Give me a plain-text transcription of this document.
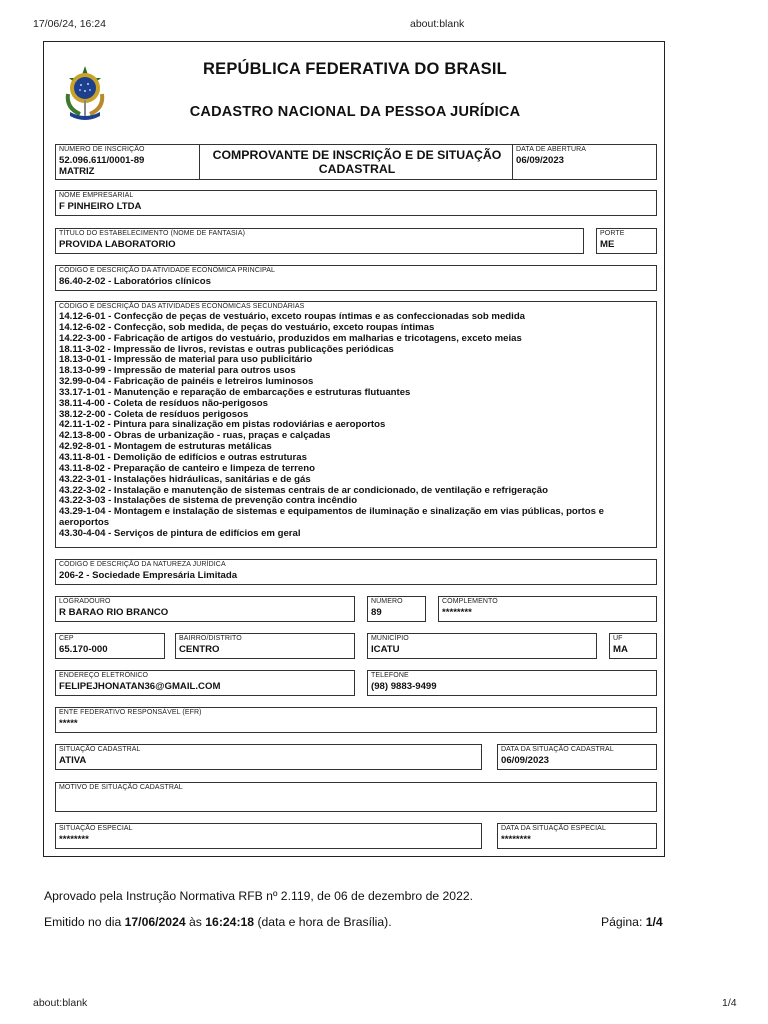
17/06/24, 16:24	about:blank
REPÚBLICA FEDERATIVA DO BRASIL
CADASTRO NACIONAL DA PESSOA JURÍDICA
NÚMERO DE INSCRIÇÃO
52.096.611/0001-89
MATRIZ
COMPROVANTE DE INSCRIÇÃO E DE SITUAÇÃO
CADASTRAL
DATA DE ABERTURA
06/09/2023
NOME EMPRESARIAL
F PINHEIRO LTDA
TÍTULO DO ESTABELECIMENTO (NOME DE FANTASIA)
PROVIDA LABORATORIO
PORTE
ME
CÓDIGO E DESCRIÇÃO DA ATIVIDADE ECONÔMICA PRINCIPAL
86.40-2-02 - Laboratórios clínicos
CÓDIGO E DESCRIÇÃO DAS ATIVIDADES ECONÔMICAS SECUNDÁRIAS
14.12-6-01 - Confecção de peças de vestuário, exceto roupas íntimas e as confeccionadas sob medida
14.12-6-02 - Confecção, sob medida, de peças do vestuário, exceto roupas íntimas
14.22-3-00 - Fabricação de artigos do vestuário, produzidos em malharias e tricotagens, exceto meias
18.11-3-02 - Impressão de livros, revistas e outras publicações periódicas
18.13-0-01 - Impressão de material para uso publicitário
18.13-0-99 - Impressão de material para outros usos
32.99-0-04 - Fabricação de painéis e letreiros luminosos
33.17-1-01 - Manutenção e reparação de embarcações e estruturas flutuantes
38.11-4-00 - Coleta de resíduos não-perigosos
38.12-2-00 - Coleta de resíduos perigosos
42.11-1-02 - Pintura para sinalização em pistas rodoviárias e aeroportos
42.13-8-00 - Obras de urbanização - ruas, praças e calçadas
42.92-8-01 - Montagem de estruturas metálicas
43.11-8-01 - Demolição de edifícios e outras estruturas
43.11-8-02 - Preparação de canteiro e limpeza de terreno
43.22-3-01 - Instalações hidráulicas, sanitárias e de gás
43.22-3-02 - Instalação e manutenção de sistemas centrais de ar condicionado, de ventilação e refrigeração
43.22-3-03 - Instalações de sistema de prevenção contra incêndio
43.29-1-04 - Montagem e instalação de sistemas e equipamentos de iluminação e sinalização em vias públicas, portos e aeroportos
43.30-4-04 - Serviços de pintura de edifícios em geral
CÓDIGO E DESCRIÇÃO DA NATUREZA JURÍDICA
206-2 - Sociedade Empresária Limitada
LOGRADOURO
R BARAO RIO BRANCO
NÚMERO
89
COMPLEMENTO
********
CEP
65.170-000
BAIRRO/DISTRITO
CENTRO
MUNICÍPIO
ICATU
UF
MA
ENDEREÇO ELETRÔNICO
FELIPEJHONATAN36@GMAIL.COM
TELEFONE
(98) 9883-9499
ENTE FEDERATIVO RESPONSÁVEL (EFR)
*****
SITUAÇÃO CADASTRAL
ATIVA
DATA DA SITUAÇÃO CADASTRAL
06/09/2023
MOTIVO DE SITUAÇÃO CADASTRAL
SITUAÇÃO ESPECIAL
********
DATA DA SITUAÇÃO ESPECIAL
********
Aprovado pela Instrução Normativa RFB nº 2.119, de 06 de dezembro de 2022.
Emitido no dia 17/06/2024 às 16:24:18 (data e hora de Brasília).	Página: 1/4
about:blank	1/4
